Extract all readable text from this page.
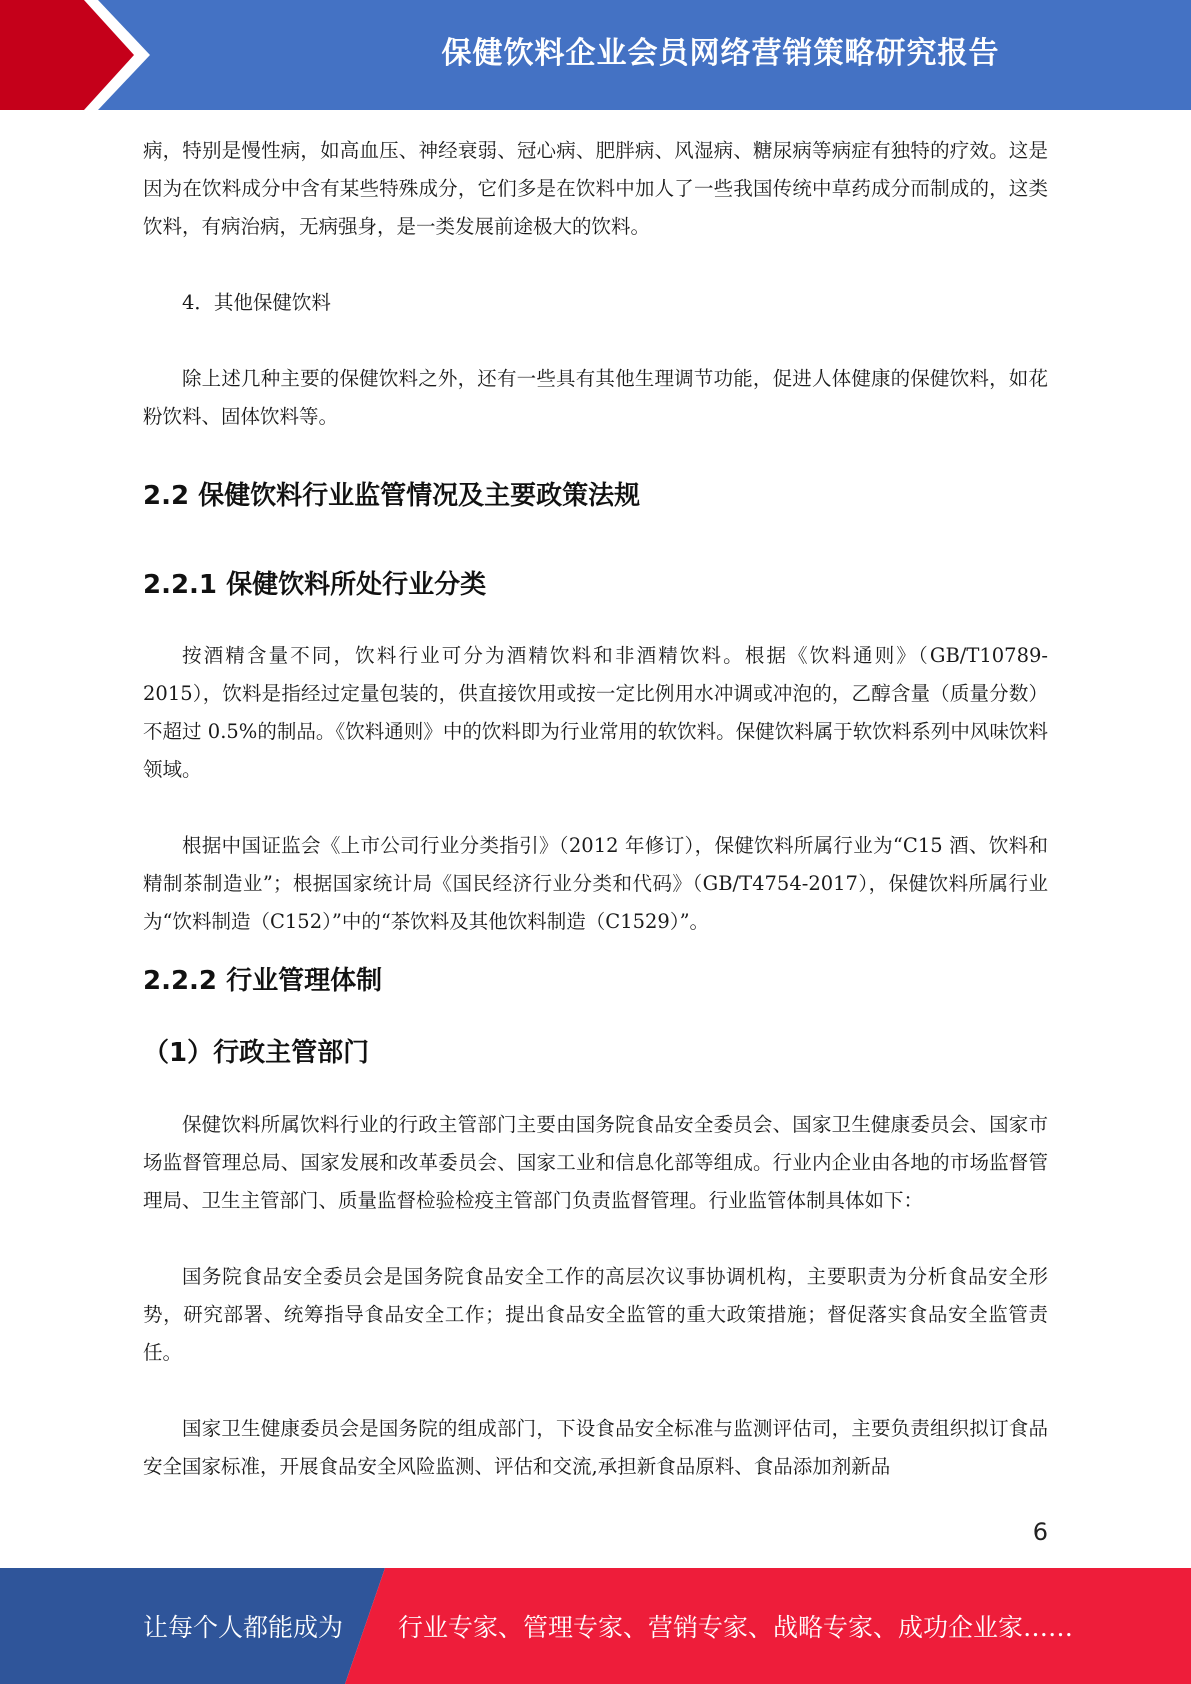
保健饮料企业会员网络营销策略研究报告

病，特别是慢性病，如高血压、神经衰弱、冠心病、肥胖病、风湿病、糖尿病等病症有独特的疗效。这是因为在饮料成分中含有某些特殊成分，它们多是在饮料中加人了一些我国传统中草药成分而制成的，这类饮料，有病治病，无病强身，是一类发展前途极大的饮料。

4．其他保健饮料

除上述几种主要的保健饮料之外，还有一些具有其他生理调节功能，促进人体健康的保健饮料，如花粉饮料、固体饮料等。

2.2 保健饮料行业监管情况及主要政策法规
2.2.1 保健饮料所处行业分类

按酒精含量不同，饮料行业可分为酒精饮料和非酒精饮料。根据《饮料通则》（GB/T10789-2015），饮料是指经过定量包装的，供直接饮用或按一定比例用水冲调或冲泡的，乙醇含量（质量分数）不超过 0.5%的制品。《饮料通则》中的饮料即为行业常用的软饮料。保健饮料属于软饮料系列中风味饮料领域。

根据中国证监会《上市公司行业分类指引》（2012 年修订），保健饮料所属行业为“C15 酒、饮料和精制茶制造业”；根据国家统计局《国民经济行业分类和代码》（GB/T4754-2017），保健饮料所属行业为“饮料制造（C152）”中的“茶饮料及其他饮料制造（C1529）”。

2.2.2 行业管理体制
（1）行政主管部门

保健饮料所属饮料行业的行政主管部门主要由国务院食品安全委员会、国家卫生健康委员会、国家市场监督管理总局、国家发展和改革委员会、国家工业和信息化部等组成。行业内企业由各地的市场监督管理局、卫生主管部门、质量监督检验检疫主管部门负责监督管理。行业监管体制具体如下：

国务院食品安全委员会是国务院食品安全工作的高层次议事协调机构，主要职责为分析食品安全形势，研究部署、统筹指导食品安全工作；提出食品安全监管的重大政策措施；督促落实食品安全监管责任。

国家卫生健康委员会是国务院的组成部门，下设食品安全标准与监测评估司，主要负责组织拟订食品安全国家标准，开展食品安全风险监测、评估和交流,承担新食品原料、食品添加剂新品

6
让每个人都能成为 行业专家、管理专家、营销专家、战略专家、成功企业家……
